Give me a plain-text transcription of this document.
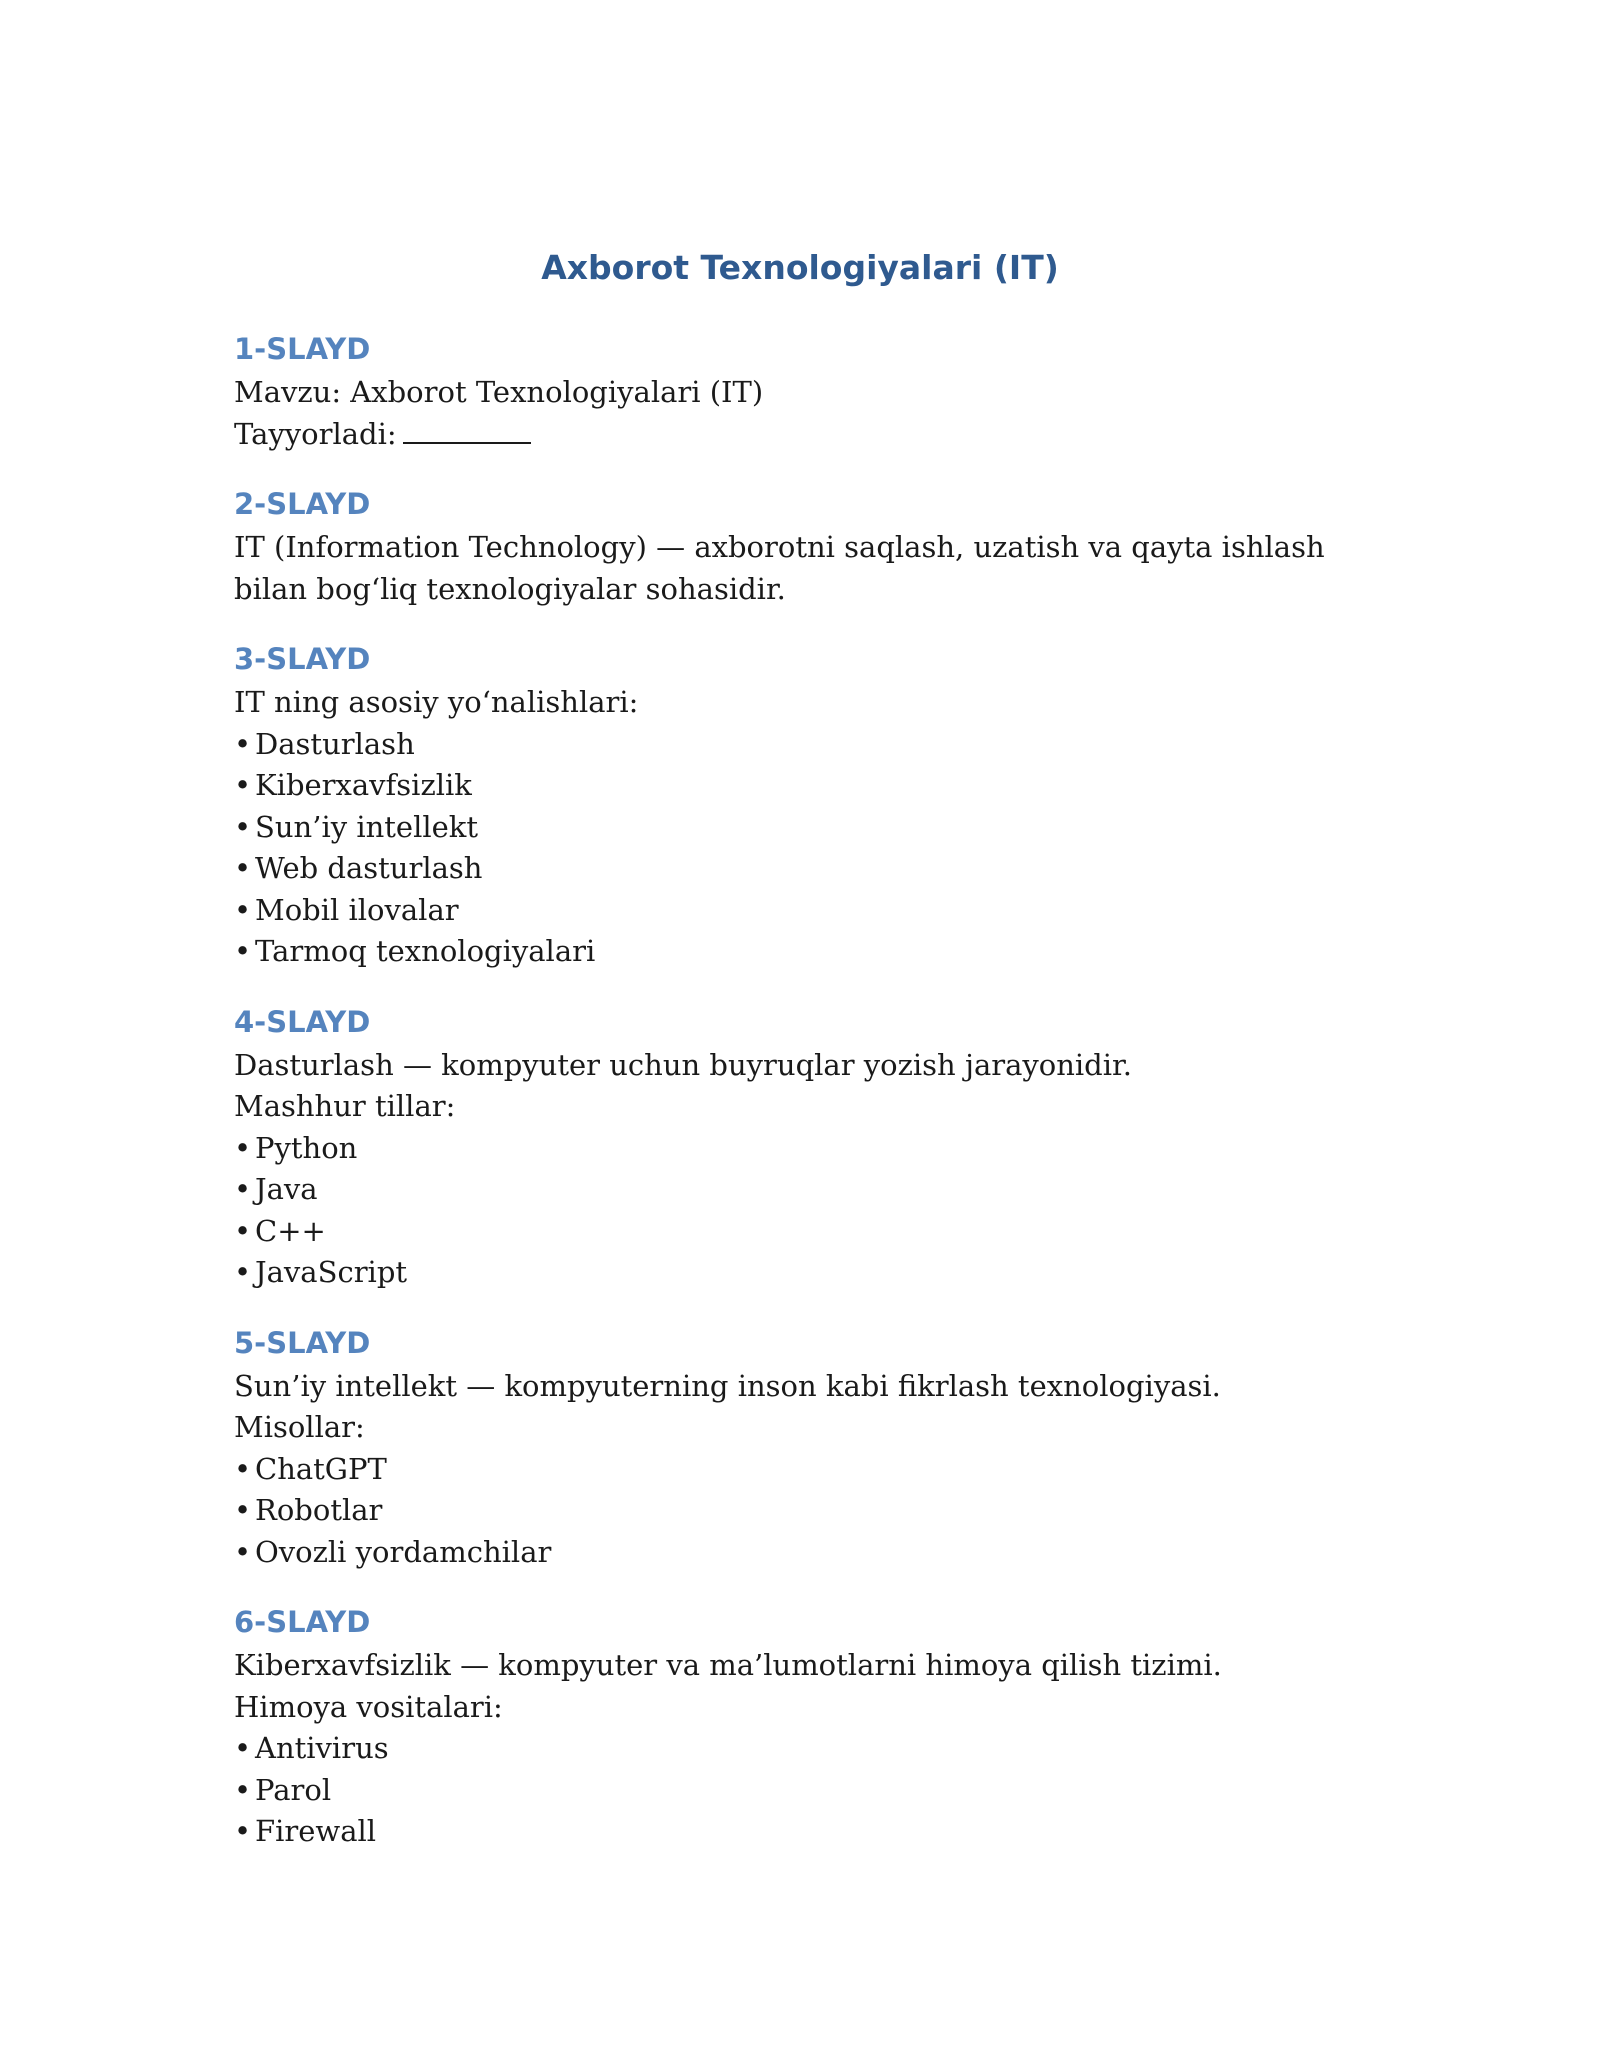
Axborot Texnologiyalari (IT)
1-SLAYD
Mavzu: Axborot Texnologiyalari (IT)
Tayyorladi:
2-SLAYD
IT (Information Technology) — axborotni saqlash, uzatish va qayta ishlash bilan bog‘liq texnologiyalar sohasidir.
3-SLAYD
IT ning asosiy yo‘nalishlari:
• Dasturlash
• Kiberxavfsizlik
• Sun’iy intellekt
• Web dasturlash
• Mobil ilovalar
• Tarmoq texnologiyalari
4-SLAYD
Dasturlash — kompyuter uchun buyruqlar yozish jarayonidir.
Mashhur tillar:
• Python
• Java
• C++
• JavaScript
5-SLAYD
Sun’iy intellekt — kompyuterning inson kabi fikrlash texnologiyasi.
Misollar:
• ChatGPT
• Robotlar
• Ovozli yordamchilar
6-SLAYD
Kiberxavfsizlik — kompyuter va ma’lumotlarni himoya qilish tizimi.
Himoya vositalari:
• Antivirus
• Parol
• Firewall
